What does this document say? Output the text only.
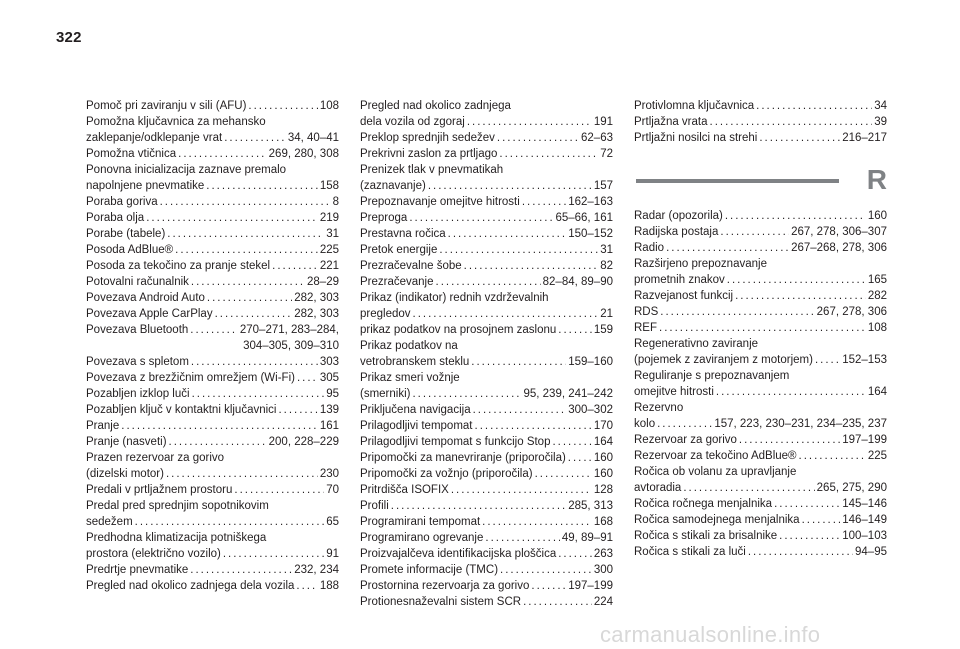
322
Pomoč pri zaviranju v sili (AFU) . . .	108
Pomožna ključavnica za mehansko
zaklepanje/odklepanje vrat . . .	34, 40–41
Pomožna vtičnica . . .	269, 280, 308
Ponovna inicializacija zaznave premalo
napolnjene pnevmatike . . .	158
Poraba goriva . . .	8
Poraba olja . . .	219
Porabe (tabele) . . .	31
Posoda AdBlue® . . .	225
Posoda za tekočino za pranje stekel . . .	221
Potovalni računalnik . . .	28–29
Povezava Android Auto . . .	282, 303
Povezava Apple CarPlay . . .	282, 303
Povezava Bluetooth . . .	270–271, 283–284,
304–305, 309–310
Povezava s spletom . . .	303
Povezava z brezžičnim omrežjem (Wi-Fi) . . . 305
Pozabljen izklop luči . . .	95
Pozabljen ključ v kontaktni ključavnici . . .	139
Pranje . . .	161
Pranje (nasveti) . . .	200, 228–229
Prazen rezervoar za gorivo
(dizelski motor) . . .	230
Predali v prtljažnem prostoru . . .	70
Predal pred sprednjim sopotnikovim
sedežem . . .	65
Predhodna klimatizacija potniškega
prostora (električno vozilo) . . .	91
Predrtje pnevmatike . . .	232, 234
Pregled nad okolico zadnjega dela vozila . . . 188
Pregled nad okolico zadnjega
dela vozila od zgoraj . . .	191
Preklop sprednjih sedežev . . .	62–63
Prekrivni zaslon za prtljago . . .	72
Prenizek tlak v pnevmatikah
(zaznavanje) . . .	157
Prepoznavanje omejitve hitrosti . . .	162–163
Preproga . . .	65–66, 161
Prestavna ročica . . .	150–152
Pretok energije . . .	31
Prezračevalne šobe . . .	82
Prezračevanje . . .	82–84, 89–90
Prikaz (indikator) rednih vzdrževalnih
pregledov . . .	21
prikaz podatkov na prosojnem zaslonu . . .	159
Prikaz podatkov na
vetrobranskem steklu . . .	159–160
Prikaz smeri vožnje
(smerniki) . . .	95, 239, 241–242
Priključena navigacija . . .	300–302
Prilagodljivi tempomat . . .	170
Prilagodljivi tempomat s funkcijo Stop . . .	164
Pripomočki za manevriranje (priporočila) . . . 160
Pripomočki za vožnjo (priporočila) . . .	160
Pritrdišča ISOFIX . . .	128
Profili . . .	285, 313
Programirani tempomat . . .	168
Programirano ogrevanje . . .	49, 89–91
Proizvajalčeva identifikacijska ploščica . . .	263
Promete informacije (TMC) . . .	300
Prostornina rezervoarja za gorivo . . .	197–199
Protionesnaževalni sistem SCR . . .	224
Protivlomna ključavnica . . .	34
Prtljažna vrata . . .	39
Prtljažni nosilci na strehi . . .	216–217
R
Radar (opozorila) . . .	160
Radijska postaja . . .	267, 278, 306–307
Radio . . .	267–268, 278, 306
Razširjeno prepoznavanje
prometnih znakov . . .	165
Razvejanost funkcij . . .	282
RDS . . .	267, 278, 306
REF . . .	108
Regenerativno zaviranje
(pojemek z zaviranjem z motorjem) . . .	152–153
Reguliranje s prepoznavanjem
omejitve hitrosti . . .	164
Rezervno
kolo . . .	157, 223, 230–231, 234–235, 237
Rezervoar za gorivo . . .	197–199
Rezervoar za tekočino AdBlue® . . .	225
Ročica ob volanu za upravljanje
avtoradia . . .	265, 275, 290
Ročica ročnega menjalnika . . .	145–146
Ročica samodejnega menjalnika . . .	146–149
Ročica s stikali za brisalnike . . .	100–103
Ročica s stikali za luči . . .	94–95
carmanualsonline.info
